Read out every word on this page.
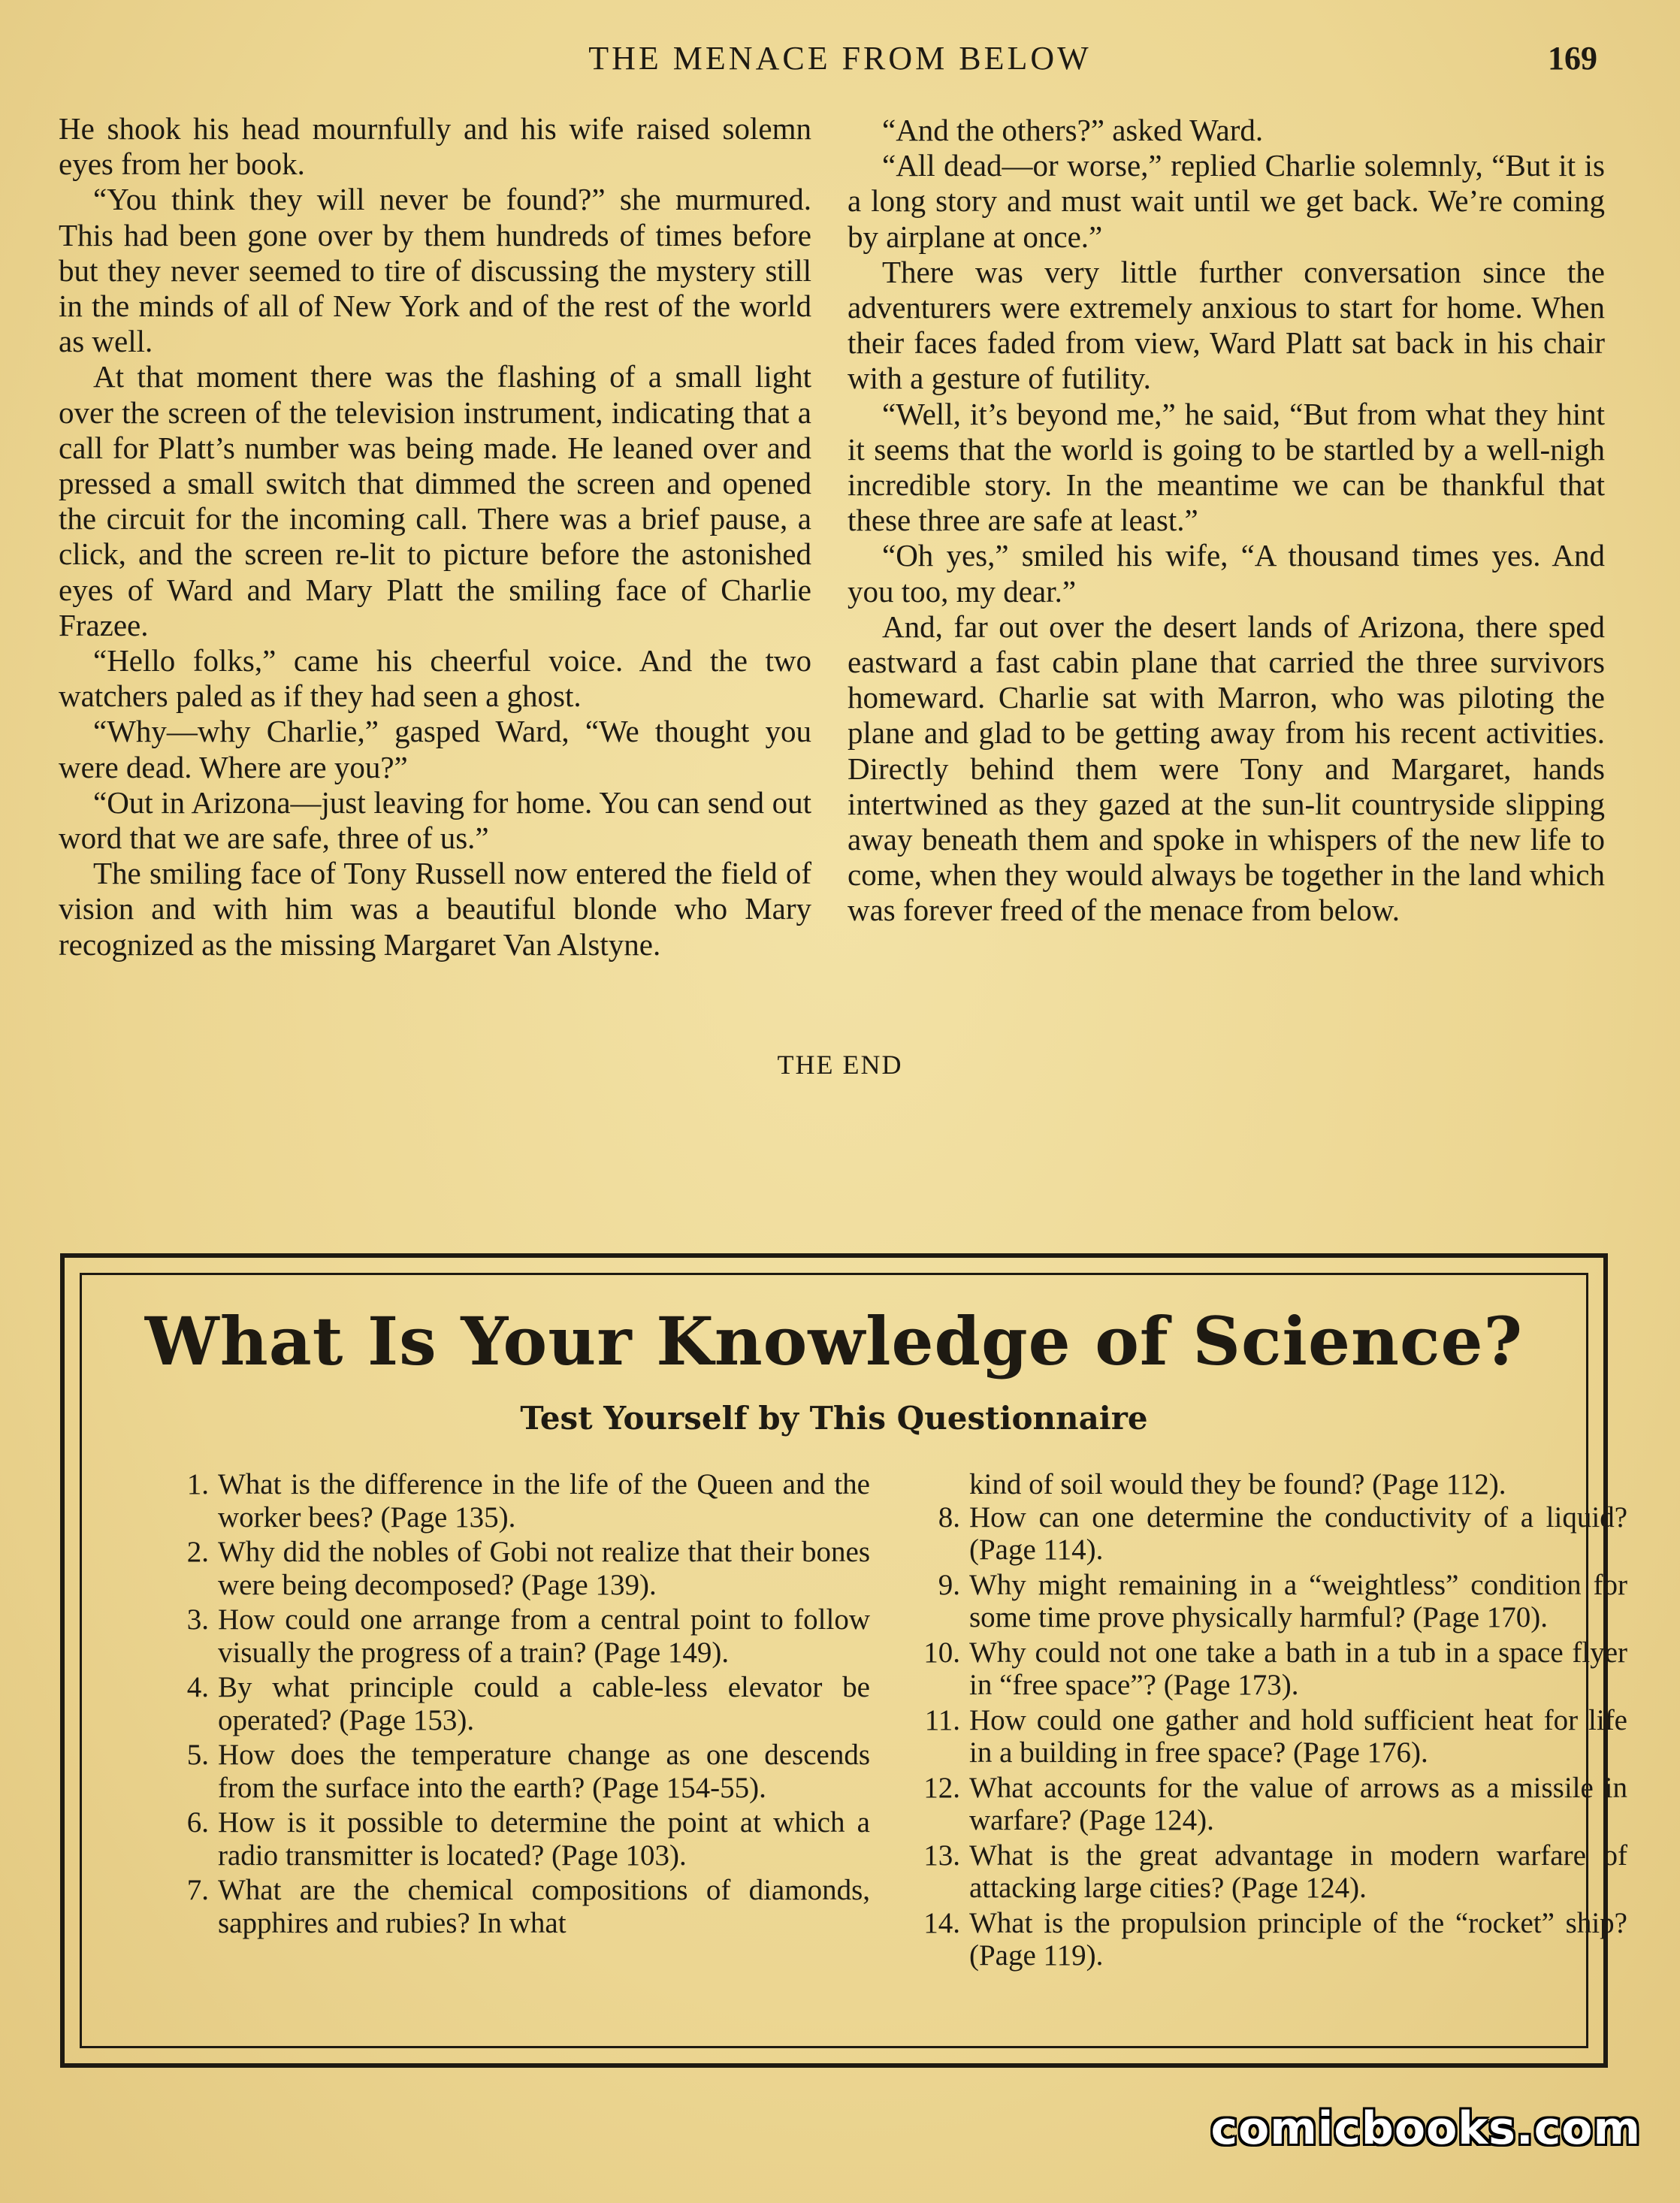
THE MENACE FROM BELOW	169

He shook his head mournfully and his wife raised solemn eyes from her book.

“You think they will never be found?” she murmured. This had been gone over by them hundreds of times before but they never seemed to tire of discussing the mystery still in the minds of all of New York and of the rest of the world as well.

At that moment there was the flashing of a small light over the screen of the television instrument, indicating that a call for Platt’s number was being made. He leaned over and pressed a small switch that dimmed the screen and opened the circuit for the incoming call. There was a brief pause, a click, and the screen re-lit to picture before the astonished eyes of Ward and Mary Platt the smiling face of Charlie Frazee.

“Hello folks,” came his cheerful voice. And the two watchers paled as if they had seen a ghost.

“Why—why Charlie,” gasped Ward, “We thought you were dead. Where are you?”

“Out in Arizona—just leaving for home. You can send out word that we are safe, three of us.”

The smiling face of Tony Russell now entered the field of vision and with him was a beautiful blonde who Mary recognized as the missing Margaret Van Alstyne.

“And the others?” asked Ward.

“All dead—or worse,” replied Charlie solemnly, “But it is a long story and must wait until we get back. We’re coming by airplane at once.”

There was very little further conversation since the adventurers were extremely anxious to start for home. When their faces faded from view, Ward Platt sat back in his chair with a gesture of futility.

“Well, it’s beyond me,” he said, “But from what they hint it seems that the world is going to be startled by a well-nigh incredible story. In the meantime we can be thankful that these three are safe at least.”

“Oh yes,” smiled his wife, “A thousand times yes. And you too, my dear.”

And, far out over the desert lands of Arizona, there sped eastward a fast cabin plane that carried the three survivors homeward. Charlie sat with Marron, who was piloting the plane and glad to be getting away from his recent activities. Directly behind them were Tony and Margaret, hands intertwined as they gazed at the sun-lit countryside slipping away beneath them and spoke in whispers of the new life to come, when they would always be together in the land which was forever freed of the menace from below.

THE END
What Is Your Knowledge of Science?
Test Yourself by This Questionnaire
1. What is the difference in the life of the Queen and the worker bees? (Page 135).
2. Why did the nobles of Gobi not realize that their bones were being decomposed? (Page 139).
3. How could one arrange from a central point to follow visually the progress of a train? (Page 149).
4. By what principle could a cable-less elevator be operated? (Page 153).
5. How does the temperature change as one descends from the surface into the earth? (Page 154-55).
6. How is it possible to determine the point at which a radio transmitter is located? (Page 103).
7. What are the chemical compositions of diamonds, sapphires and rubies? In what
kind of soil would they be found? (Page 112).
8. How can one determine the conductivity of a liquid? (Page 114).
9. Why might remaining in a “weightless” condition for some time prove physically harmful? (Page 170).
10. Why could not one take a bath in a tub in a space flyer in “free space”? (Page 173).
11. How could one gather and hold sufficient heat for life in a building in free space? (Page 176).
12. What accounts for the value of arrows as a missile in warfare? (Page 124).
13. What is the great advantage in modern warfare of attacking large cities? (Page 124).
14. What is the propulsion principle of the “rocket” ship? (Page 119).
comicbooks.com
